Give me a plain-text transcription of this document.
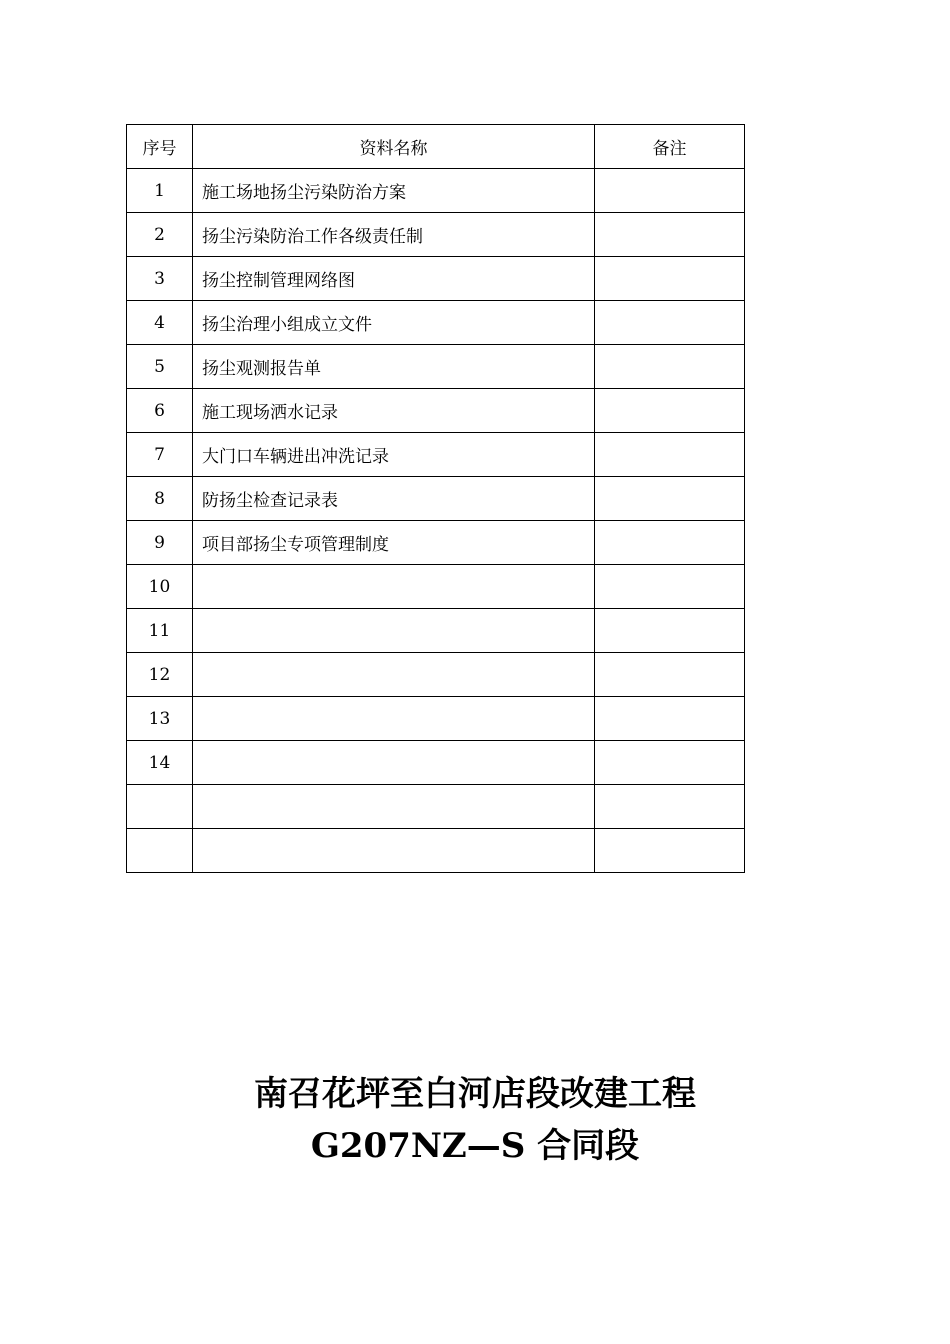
序号	资料名称	备注
1	施工场地扬尘污染防治方案	
2	扬尘污染防治工作各级责任制	
3	扬尘控制管理网络图	
4	扬尘治理小组成立文件	
5	扬尘观测报告单	
6	施工现场洒水记录	
7	大门口车辆进出冲洗记录	
8	防扬尘检查记录表	
9	项目部扬尘专项管理制度	
10		
11		
12		
13		
14		

南召花坪至白河店段改建工程
G207NZ—S 合同段
